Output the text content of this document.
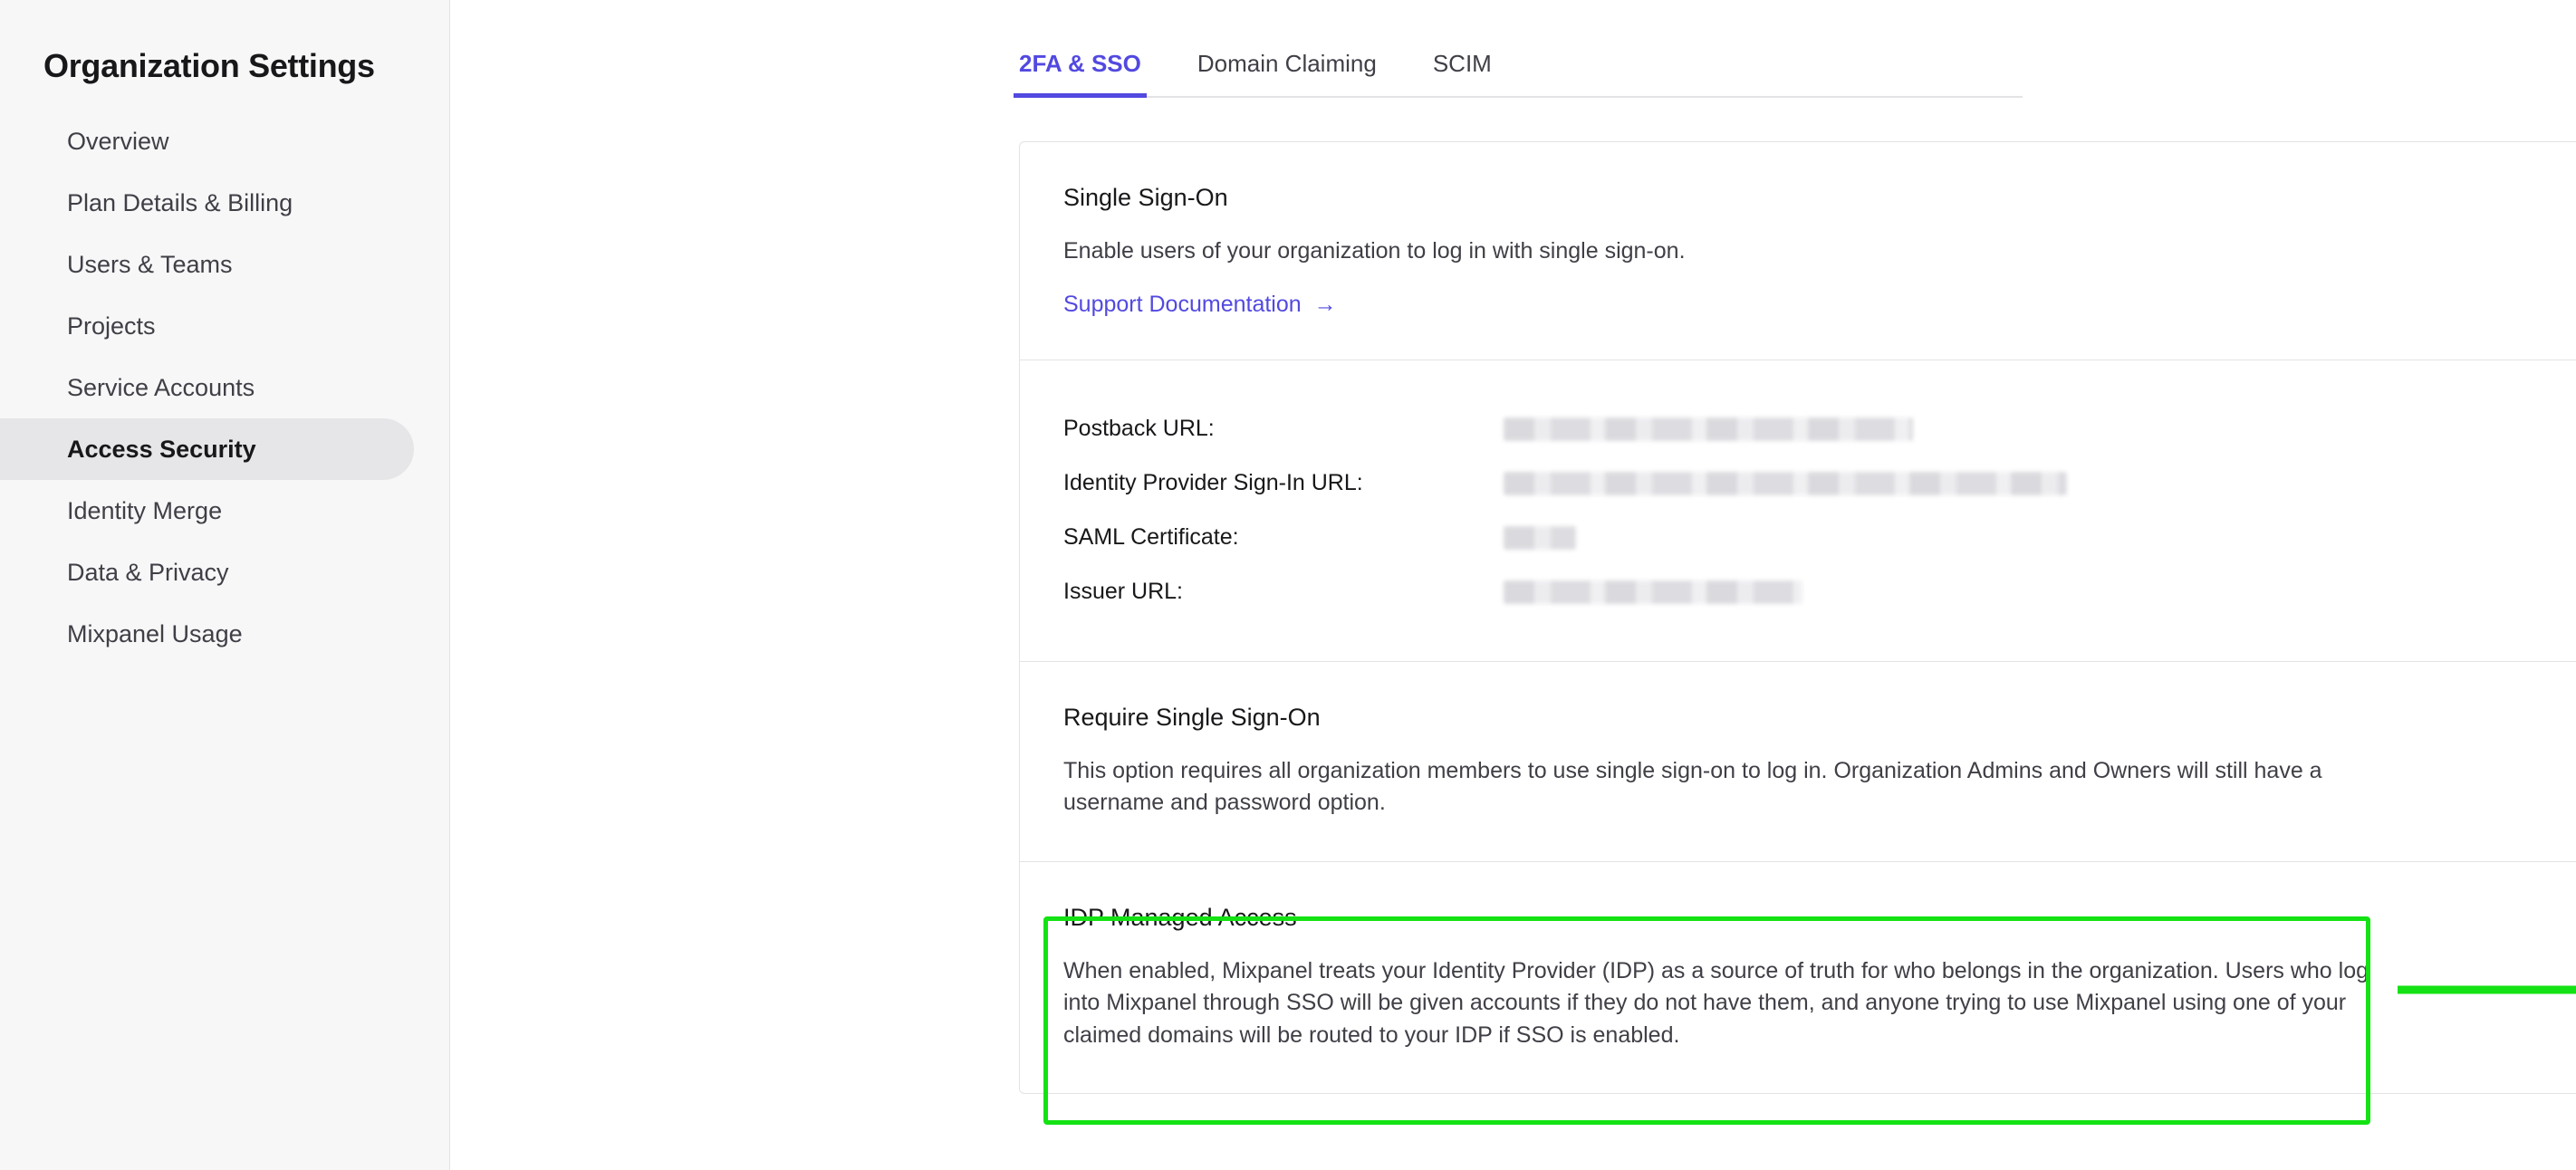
Organization Settings
Overview
Plan Details & Billing
Users & Teams
Projects
Service Accounts
Access Security
Identity Merge
Data & Privacy
Mixpanel Usage
2FA & SSO Domain Claiming SCIM
Single Sign-On
Enable users of your organization to log in with single sign-on.
Support Documentation →
Postback URL:
Identity Provider Sign-In URL:
SAML Certificate:
Issuer URL:
Require Single Sign-On
This option requires all organization members to use single sign-on to log in. Organization Admins and Owners will still have a username and password option.
IDP Managed Access
When enabled, Mixpanel treats your Identity Provider (IDP) as a source of truth for who belongs in the organization. Users who log into Mixpanel through SSO will be given accounts if they do not have them, and anyone trying to use Mixpanel using one of your claimed domains will be routed to your IDP if SSO is enabled.
